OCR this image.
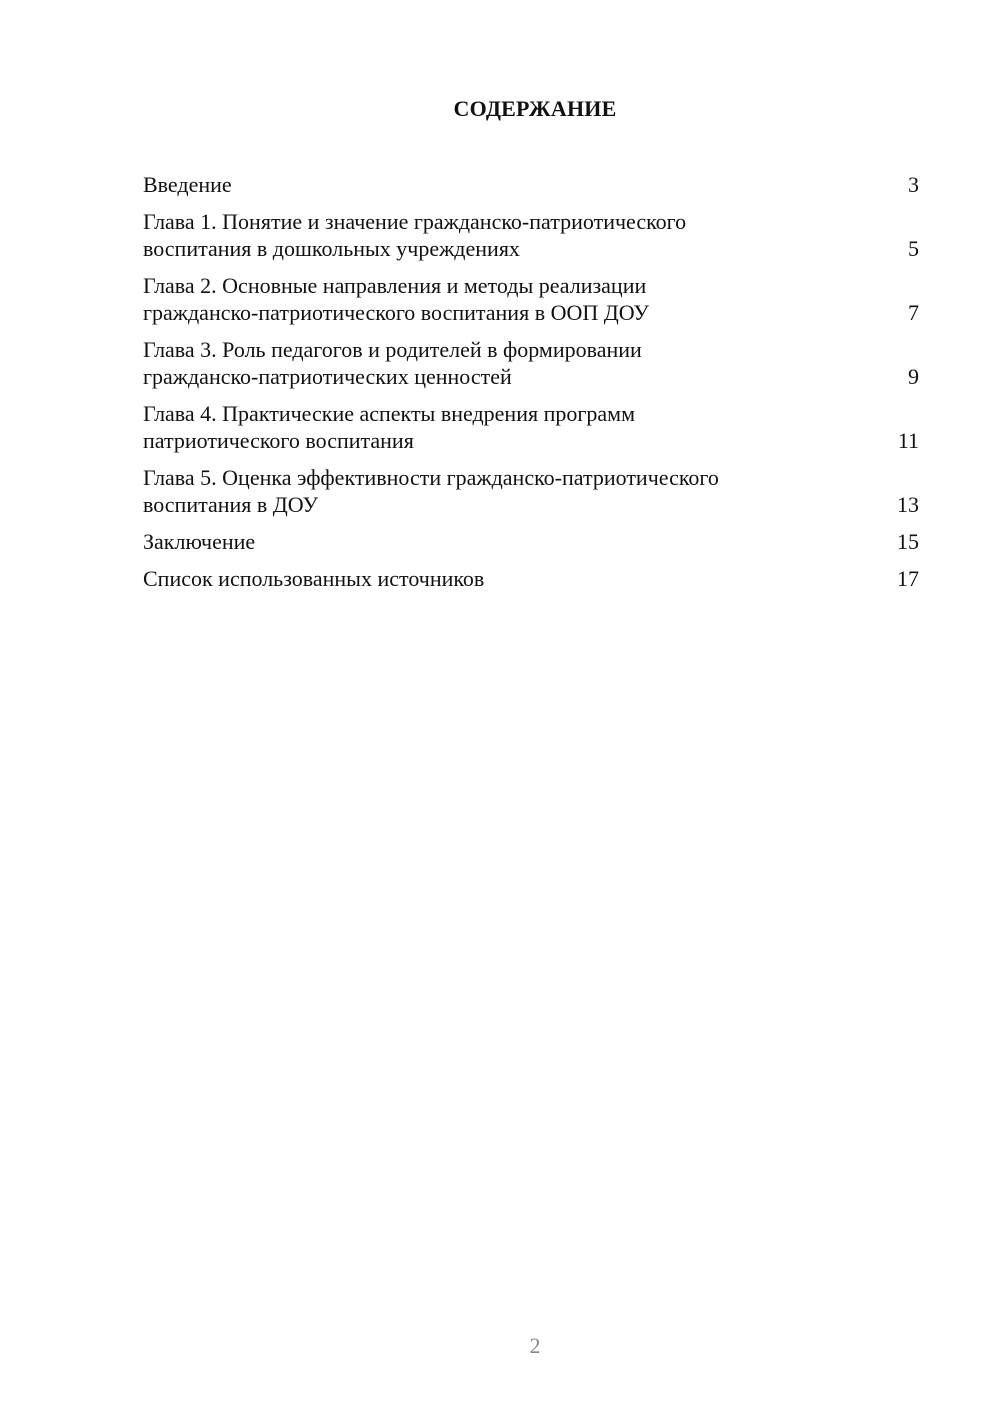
СОДЕРЖАНИЕ
Введение	3
Глава 1. Понятие и значение гражданско-патриотического
воспитания в дошкольных учреждениях	5
Глава 2. Основные направления и методы реализации
гражданско-патриотического воспитания в ООП ДОУ	7
Глава 3. Роль педагогов и родителей в формировании
гражданско-патриотических ценностей	9
Глава 4. Практические аспекты внедрения программ
патриотического воспитания	11
Глава 5. Оценка эффективности гражданско-патриотического
воспитания в ДОУ	13
Заключение	15
Список использованных источников	17
2
